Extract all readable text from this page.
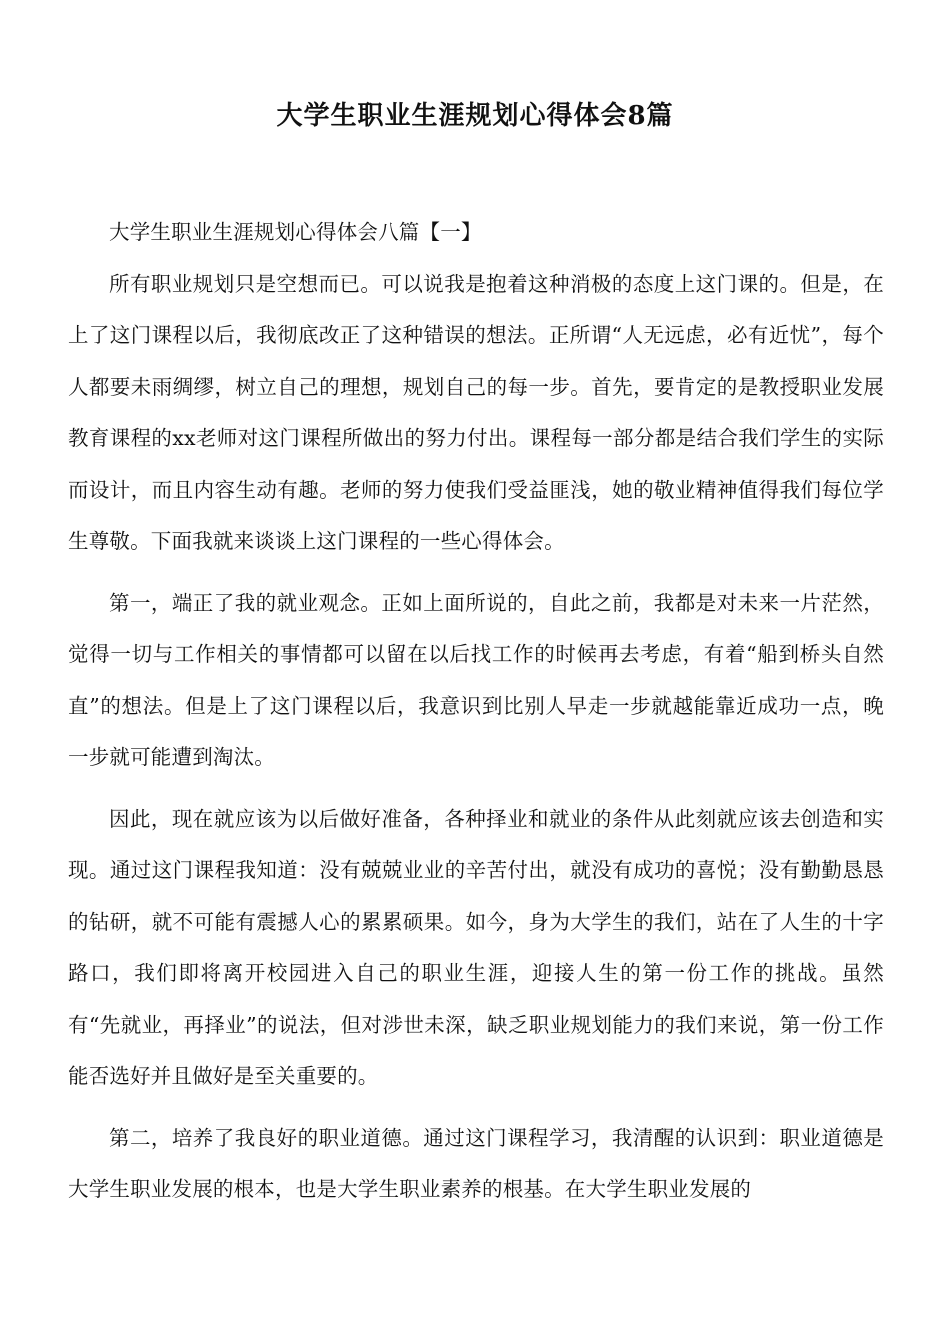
大学生职业生涯规划心得体会8篇

大学生职业生涯规划心得体会八篇【一】

所有职业规划只是空想而已。可以说我是抱着这种消极的态度上这门课的。但是，在上了这门课程以后，我彻底改正了这种错误的想法。正所谓“人无远虑，必有近忧”，每个人都要未雨绸缪，树立自己的理想，规划自己的每一步。首先，要肯定的是教授职业发展教育课程的xx老师对这门课程所做出的努力付出。课程每一部分都是结合我们学生的实际而设计，而且内容生动有趣。老师的努力使我们受益匪浅，她的敬业精神值得我们每位学生尊敬。下面我就来谈谈上这门课程的一些心得体会。

第一，端正了我的就业观念。正如上面所说的，自此之前，我都是对未来一片茫然，觉得一切与工作相关的事情都可以留在以后找工作的时候再去考虑，有着“船到桥头自然直”的想法。但是上了这门课程以后，我意识到比别人早走一步就越能靠近成功一点，晚一步就可能遭到淘汰。

因此，现在就应该为以后做好准备，各种择业和就业的条件从此刻就应该去创造和实现。通过这门课程我知道：没有兢兢业业的辛苦付出，就没有成功的喜悦；没有勤勤恳恳的钻研，就不可能有震撼人心的累累硕果。如今，身为大学生的我们，站在了人生的十字路口，我们即将离开校园进入自己的职业生涯，迎接人生的第一份工作的挑战。虽然有“先就业，再择业”的说法，但对涉世未深，缺乏职业规划能力的我们来说，第一份工作能否选好并且做好是至关重要的。

第二，培养了我良好的职业道德。通过这门课程学习，我清醒的认识到：职业道德是大学生职业发展的根本，也是大学生职业素养的根基。在大学生职业发展的
